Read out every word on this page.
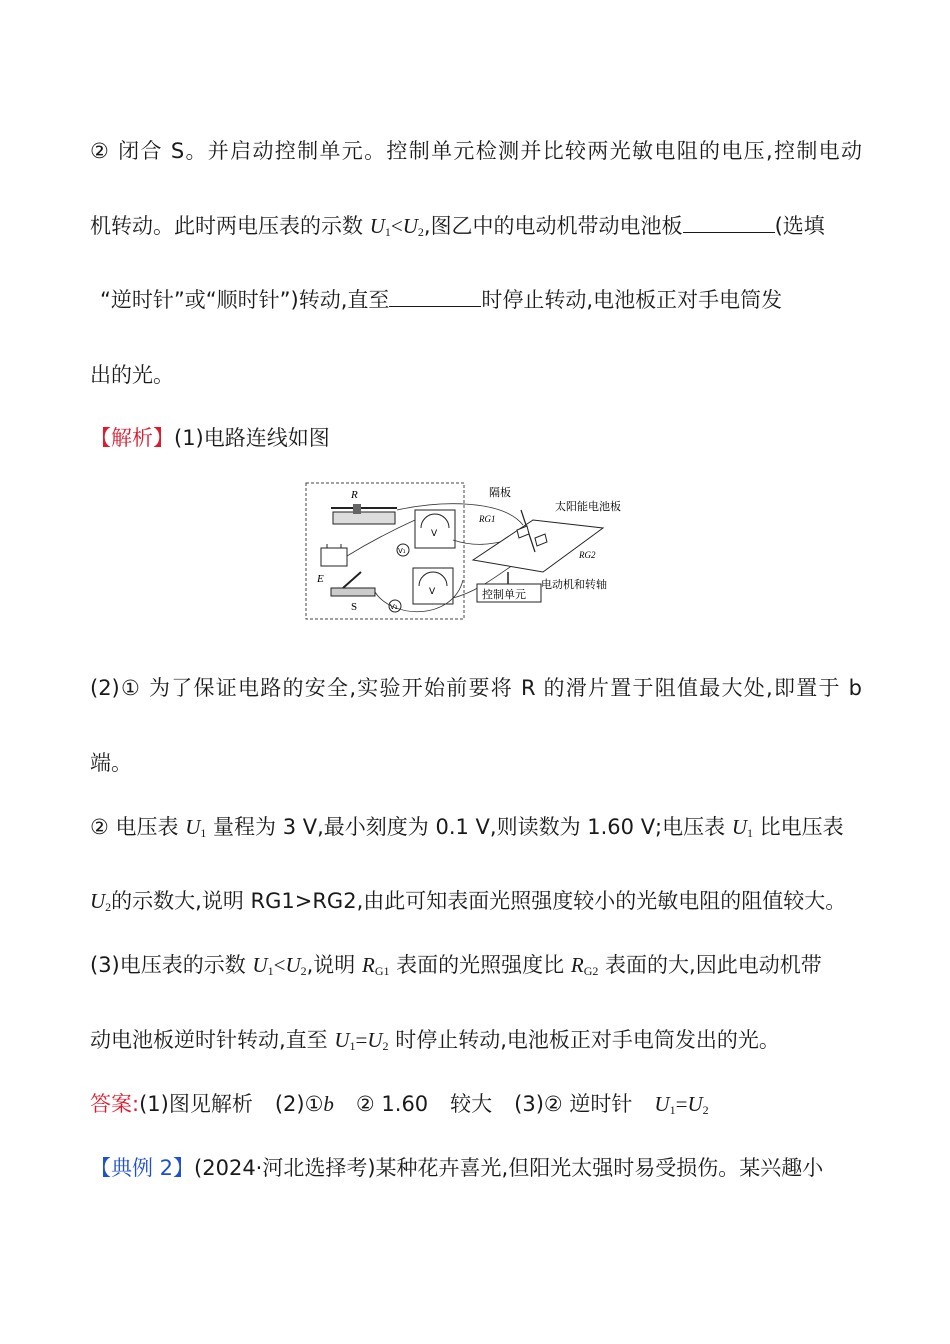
② 闭合 S。并启动控制单元。控制单元检测并比较两光敏电阻的电压,控制电动
机转动。此时两电压表的示数 $U_1<U_2$,图乙中的电动机带动电池板	(选填
“逆时针”或“顺时针”)转动,直至	时停止转动,电池板正对手电筒发
出的光。
【解析】(1)电路连线如图
R
E
S
V
V₁
V
V₂
隔板
太阳能电池板
RG1
RG2
电动机和转轴
控制单元
(2)① 为了保证电路的安全,实验开始前要将 R 的滑片置于阻值最大处,即置于 b
端。
② 电压表 $U_1$ 量程为 3 V,最小刻度为 0.1 V,则读数为 1.60 V;电压表 $U_1$ 比电压表
$U_2$的示数大,说明 RG1>RG2,由此可知表面光照强度较小的光敏电阻的阻值较大。
(3)电压表的示数 $U_1<U_2$,说明 $R_{G1}$ 表面的光照强度比 $R_{G2}$ 表面的大,因此电动机带
动电池板逆时针转动,直至 $U_1=U_2$ 时停止转动,电池板正对手电筒发出的光。
答案:(1)图见解析 (2)①b ② 1.60 较大 (3)② 逆时针 $U_1=U_2$
【典例 2】(2024·河北选择考)某种花卉喜光,但阳光太强时易受损伤。某兴趣小
